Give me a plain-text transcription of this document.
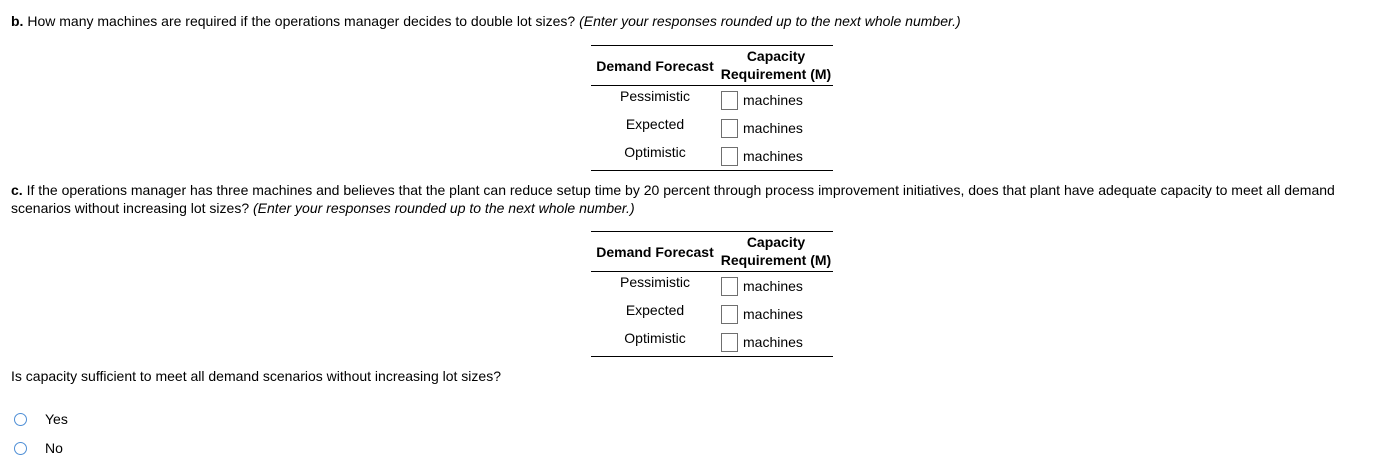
b. How many machines are required if the operations manager decides to double lot sizes? (Enter your responses rounded up to the next whole number.)
Demand Forecast	Capacity
Requirement (M)

Pessimistic	machines

Expected	machines

Optimistic	machines
c. If the operations manager has three machines and believes that the plant can reduce setup time by 20 percent through process improvement initiatives, does that plant have adequate capacity to meet all demand scenarios without increasing lot sizes? (Enter your responses rounded up to the next whole number.)
Demand Forecast	Capacity
Requirement (M)

Pessimistic	machines

Expected	machines

Optimistic	machines
Is capacity sufficient to meet all demand scenarios without increasing lot sizes?
Yes
No
